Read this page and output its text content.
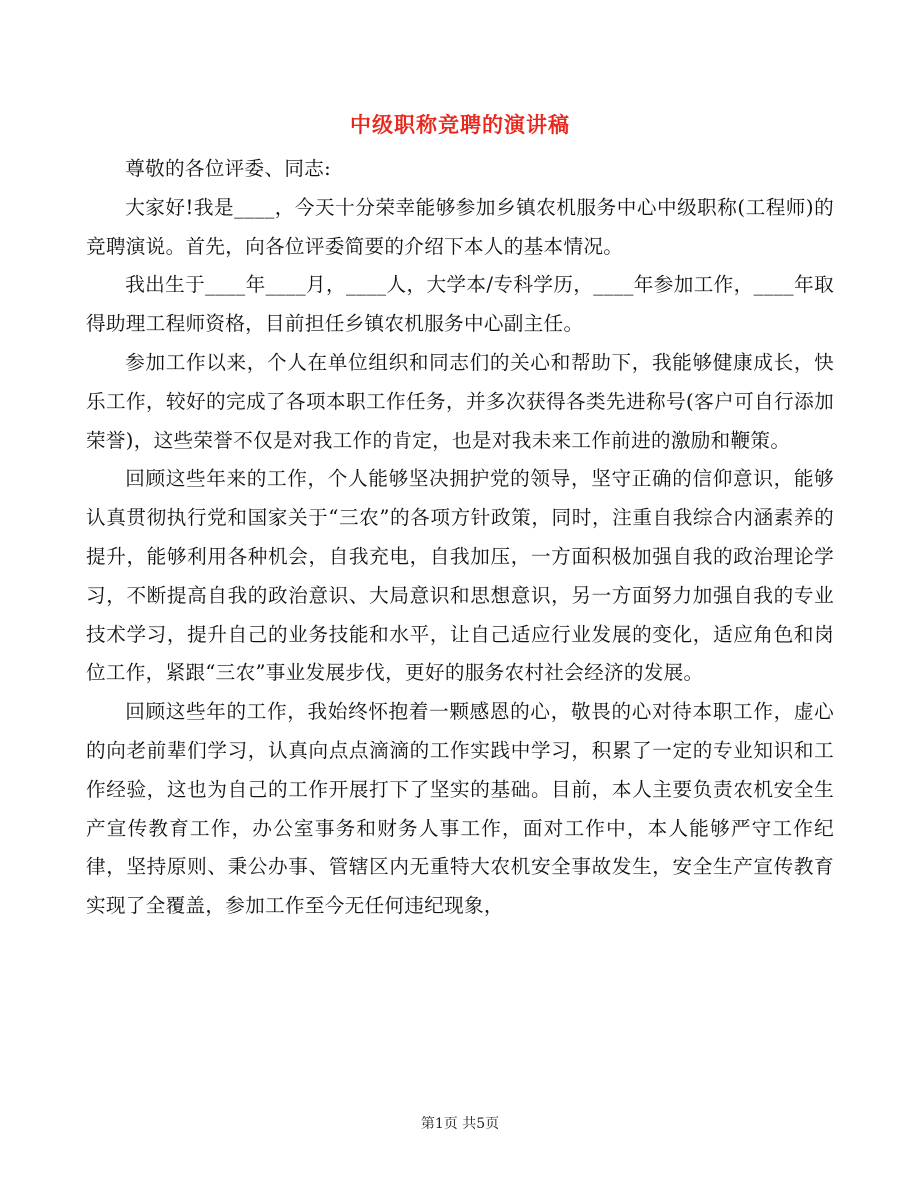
中级职称竞聘的演讲稿

尊敬的各位评委、同志:

大家好!我是____，今天十分荣幸能够参加乡镇农机服务中心中级职称(工程师)的竞聘演说。首先，向各位评委简要的介绍下本人的基本情况。

我出生于____年____月，____人，大学本/专科学历，____年参加工作，____年取得助理工程师资格，目前担任乡镇农机服务中心副主任。

参加工作以来，个人在单位组织和同志们的关心和帮助下，我能够健康成长，快乐工作，较好的完成了各项本职工作任务，并多次获得各类先进称号(客户可自行添加荣誉)，这些荣誉不仅是对我工作的肯定，也是对我未来工作前进的激励和鞭策。

回顾这些年来的工作，个人能够坚决拥护党的领导，坚守正确的信仰意识，能够认真贯彻执行党和国家关于“三农”的各项方针政策，同时，注重自我综合内涵素养的提升，能够利用各种机会，自我充电，自我加压，一方面积极加强自我的政治理论学习，不断提高自我的政治意识、大局意识和思想意识，另一方面努力加强自我的专业技术学习，提升自己的业务技能和水平，让自己适应行业发展的变化，适应角色和岗位工作，紧跟“三农”事业发展步伐，更好的服务农村社会经济的发展。

回顾这些年的工作，我始终怀抱着一颗感恩的心，敬畏的心对待本职工作，虚心的向老前辈们学习，认真向点点滴滴的工作实践中学习，积累了一定的专业知识和工作经验，这也为自己的工作开展打下了坚实的基础。目前，本人主要负责农机安全生产宣传教育工作，办公室事务和财务人事工作，面对工作中，本人能够严守工作纪律，坚持原则、秉公办事、管辖区内无重特大农机安全事故发生，安全生产宣传教育实现了全覆盖，参加工作至今无任何违纪现象，

第1页 共5页
